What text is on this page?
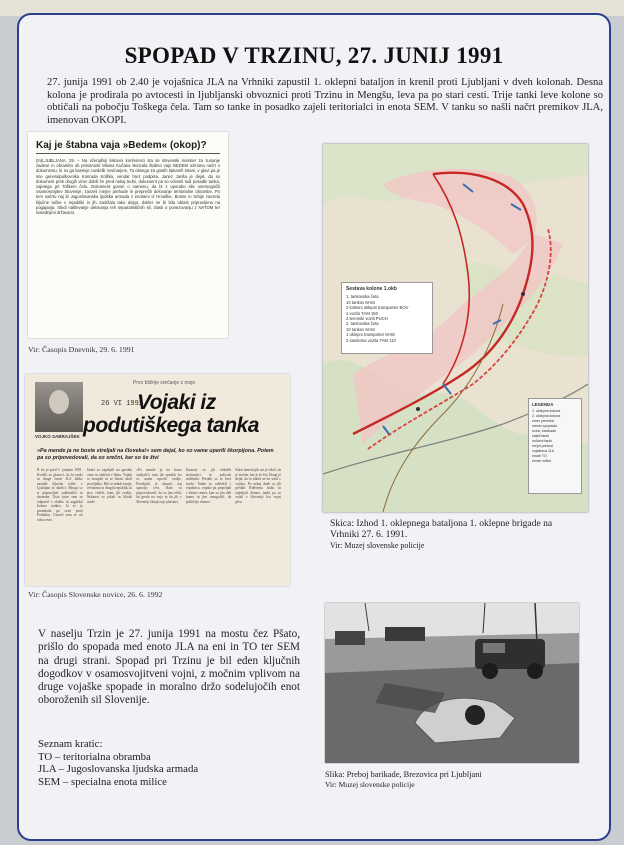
SPOPAD V TRZINU, 27. JUNIJ 1991
27. junija 1991 ob 2.40 je vojašnica JLA na Vrhniki zapustil 1. oklepni bataljon in krenil proti Ljubljani v dveh kolonah. Desna kolona je prodirala po avtocesti in ljubljanski obvoznici proti Trzinu in Mengšu, leva pa po stari cesti. Trije tanki leve kolone so obtičali na pobočju Toškega čela. Tam so tanke in posadko zajeli teritorialci in enota SEM. V tanku so našli načrt premikov JLA, imenovan OKOPI.
Kaj je štabna vaja »Bedem« (okop)?
(In)LJUBLJANA, 29. – Na včerajšnji tiskovni konferenci sta se slovenski minister za zunanje zadeve in obrambo ob prisotnosti Milana Kučana skicirala štabno vajo BEDEM oziroma načrt o dokumentu, ki so ga kasneje razdelili novinarjem. Ta obsega 15 gostih tipkanih strani, v glavi pa je ime generalpolkovnika Konrada Kolška, vendar brez podpisa. Janez Janša je dejal, da so dokument prek drugih virov dobili že pred nekaj tedni, dokument pa so odvzeli tudi posadki tanka, zajetega pri Toškem čelu. Dokument govori o namenu, da bi z uporabo sile onemogočili osamosvojitev Slovenije, zavzeli mejne prehode in preprečili delovanje teritorialne obrambe. Po tem načrtu naj bi Jugoslovanska ljudska armada z enotami iz Hrvaške, Bosne in Srbije zavzela ključne točke v republiki in jih zadržala tako dolgo, dokler ne bi bila oblast pripravljena na pogajanja. Sledi naštevanje delovanja teh separatističnih sil, zlasti o povezovanju z NATOM ter sosednjimi državami.
Vir: Časopis Dnevnik, 29. 6. 1991
Prvo bližnje srečanje z mojo
26 VI 1992
Vojaki iz
podutiškega tanka
VOJKO SABRAJŠEK
»Pa mende ja ne boste streljali na človeka!« sem dejal, ko so vame uperili škorpijona. Potem pa so pripovedovali, da so srečni, ker so še živi
B ilo je pred 1. junijem 1991. Krožili so glasovi, da bi tanki in druge enote JLA lahko zasedle ključne točke v Ljubljani in okolici. Mnogi so si pripravljali zaklonišča in shrambe. Tisto jutro sem se odpravil v službo in zagledal kolono tankov, ki se je premikala po cesti proti Podutiku. Ustavil sem se ob robu ceste.
Tanki so zapeljali na gozdno cesto in obtičali v blatu. Vojaki so izstopili in se zbrali okoli poveljnika. Bili so mladi fantje, večinoma iz drugih republik, ki niso vedeli, kam jih vodijo. Nekateri so jokali in klicali starše.
»Pa mende ja ne boste streljali?« sem jih vprašal, ko so name uperili orožje. Poveljnik je ukazal, naj spustijo cevi. Nato so pripovedovali, da so jim rekli, da gredo na vajo in da jih v Sloveniji čakajo tuji plačanci.
Kasneje so jih obkolili teritorialci in policisti miličniki. Predali so se brez strela. Tanke so odvlekli v vojašnico, vojake pa prepeljali v zbirni center, kjer so jim dali hrano in jim omogočili, da pokličejo domov.
Eden izmed njih mi je rekel, da je srečen, ker je še živ. Drugi je dejal, da se nikoli ne bo vrnil v vojsko. Po nekaj dneh so jih predali Rdečemu križu in odpeljali domov, tanki pa so ostali v Sloveniji kot vojni plen.
Vir: Časopis Slovenske novice, 26. 6. 1992
Sestava kolone 1.okb
1. tankovska četa
10 tankov M-84
2 kolesni oklepni transporter BOV
1 vozilo TAM 150
2 terenski vozili PUCH
2. tankovska četa
10 tankov M-84
1 oklepni transporter M-60
3 sanitetna vozila TAM 110
LEGENDA
1. oklepna kolona
2. oklepna kolona
smer premika
mesto spopada
ovira, barikada
zajeti tanki
uničeni tanki
mejni prehod
vojašnica JLA
enote TO
enote milice
Skica: Izhod 1. oklepnega bataljona 1. oklepne brigade na Vrhniki 27. 6. 1991.
Vir: Muzej slovenske policije
Slika: Preboj barikade, Brezovica pri Ljubljani
Vir: Muzej slovenske policije
V naselju Trzin je 27. junija 1991 na mostu čez Pšato, prišlo do spopada med enoto JLA na eni in TO ter SEM na drugi strani. Spopad pri Trzinu je bil eden ključnih dogodkov v osamosvojitveni vojni, z močnim vplivom na druge vojaške spopade in moralno držo sodelujočih enot oboroženih sil Slovenije.
Seznam kratic:
TO – teritorialna obramba
JLA – Jugoslovanska ljudska armada
SEM – specialna enota milice
